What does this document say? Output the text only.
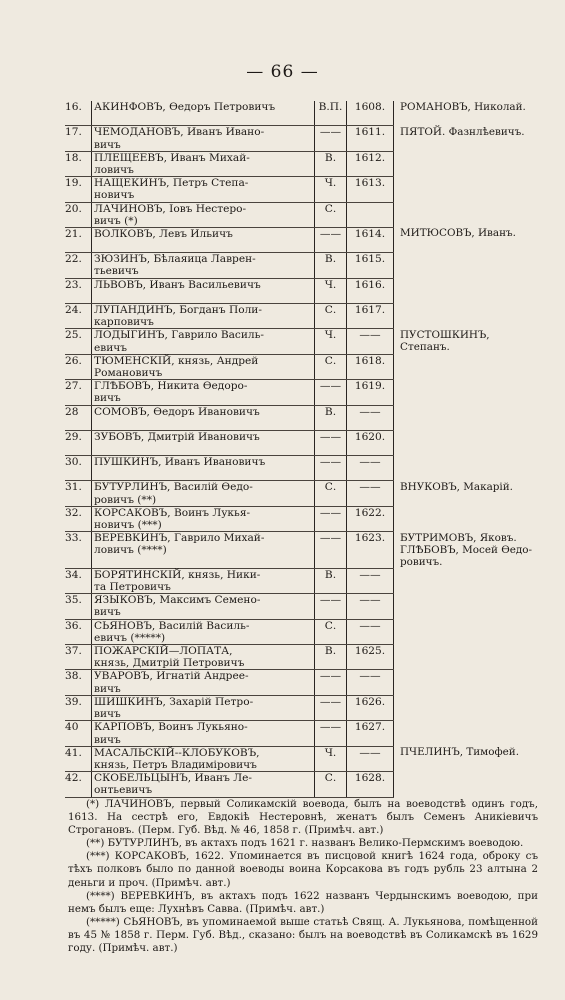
— 66 —
16.	АКИНФОВЪ, Өедоръ Петровичъ	В.П.	1608.	РОМАНОВЪ, Николай.
17.	ЧЕМОДАНОВЪ, Иванъ Ивано-
вичъ	——	1611.	ПЯТОЙ. Фазнлѣевичъ.
18.	ПЛЕЩЕЕВЪ, Иванъ Михай-
ловичъ	В.	1612.	
19.	НАЩЕКИНЪ, Петръ Степа-
новичъ	Ч.	1613.	
20.	ЛАЧИНОВЪ, Іовъ Нестеро-
вичъ (*)	С.		
21.	ВОЛКОВЪ, Левъ Ильичъ	——	1614.	МИТЮСОВЪ, Иванъ.
22.	ЗЮЗИНЪ, Бѣлаяица Лаврен-
тьевичъ	В.	1615.	
23.	ЛЬВОВЪ, Иванъ Васильевичъ	Ч.	1616.	
24.	ЛУПАНДИНЪ, Богданъ Поли-
карповичъ	С.	1617.	
25.	ЛОДЫГИНЪ, Гаврило Василь-
евичъ	Ч.	——	ПУСТОШКИНЪ, Степанъ.
26.	ТЮМЕНСКІЙ, князь, Андрей
Романовичъ	С.	1618.	
27.	ГЛѢБОВЪ, Никита Өедоро-
вичъ	——	1619.	
28	СОМОВЪ, Өедоръ Ивановичъ	В.	——	
29.	ЗУБОВЪ, Дмитрій Ивановичъ	——	1620.	
30.	ПУШКИНЪ, Иванъ Ивановичъ	——	——	
31.	БУТУРЛИНЪ, Василій Өедо-
ровичъ (**)	С.	——	ВНУКОВЪ, Макарій.
32.	КОРСАКОВЪ, Воинъ Лукья-
новичъ (***)	——	1622.	
33.	ВЕРЕВКИНЪ, Гаврило Михай-
ловичъ (****)	——	1623.	БУТРИМОВЪ, Яковъ. ГЛѢБОВЪ, Мосей Өедо-ровичъ.
34.	БОРЯТИНСКІЙ, князь, Ники-
та Петровичъ	В.	——	
35.	ЯЗЫКОВЪ, Максимъ Семено-
вичъ	——	——	
36.	СЬЯНОВЪ, Василій Василь-
евичъ (*****)	С.	——	
37.	ПОЖАРСКІЙ—ЛОПАТА,
князь, Дмитрій Петровичъ	В.	1625.	
38.	УВАРОВЪ, Игнатій Андрее-
вичъ	——	——	
39.	ШИШКИНЪ, Захарій Петро-
вичъ	——	1626.	
40	КАРПОВЪ, Воинъ Лукьяно-
вичъ	——	1627.	
41.	МАСАЛЬСКІЙ--КЛОБУКОВЪ,
князь, Петръ Владиміровичъ	Ч.	——	ПЧЕЛИНЪ, Тимофей.
42.	СКОБЕЛЬЦЫНЪ, Иванъ Ле-
онтьевичъ	С.	1628.	

(*) ЛАЧИНОВЪ, первый Соликамскій воевода, былъ на воеводствѣ одинъ годъ, 1613. На сестрѣ его, Евдокіѣ Нестеровнѣ, женатъ былъ Семенъ Аникіевичъ Строгановъ. (Перм. Губ. Вѣд. № 46, 1858 г. (Примѣч. авт.)

(**) БУТУРЛИНЪ, въ актахъ подъ 1621 г. названъ Велико-Пермскимъ воеводою.

(***) КОРСАКОВЪ, 1622. Упоминается въ писцовой книгѣ 1624 года, оброку съ тѣхъ полковъ было по данной воеводы воина Корсакова въ годъ рубль 23 алтына 2 деньги и проч. (Примѣч. авт.)

(****) ВЕРЕВКИНЪ, въ актахъ подъ 1622 названъ Чердынскимъ воеводою, при немъ былъ еще: Лухнѣвъ Савва. (Примѣч. авт.)

(*****) СЬЯНОВЪ, въ упоминаемой выше статьѣ Свящ. А. Лукьянова, помѣщенной въ 45 № 1858 г. Перм. Губ. Вѣд., сказано: былъ на воеводствѣ въ Соликамскѣ въ 1629 году. (Примѣч. авт.)
